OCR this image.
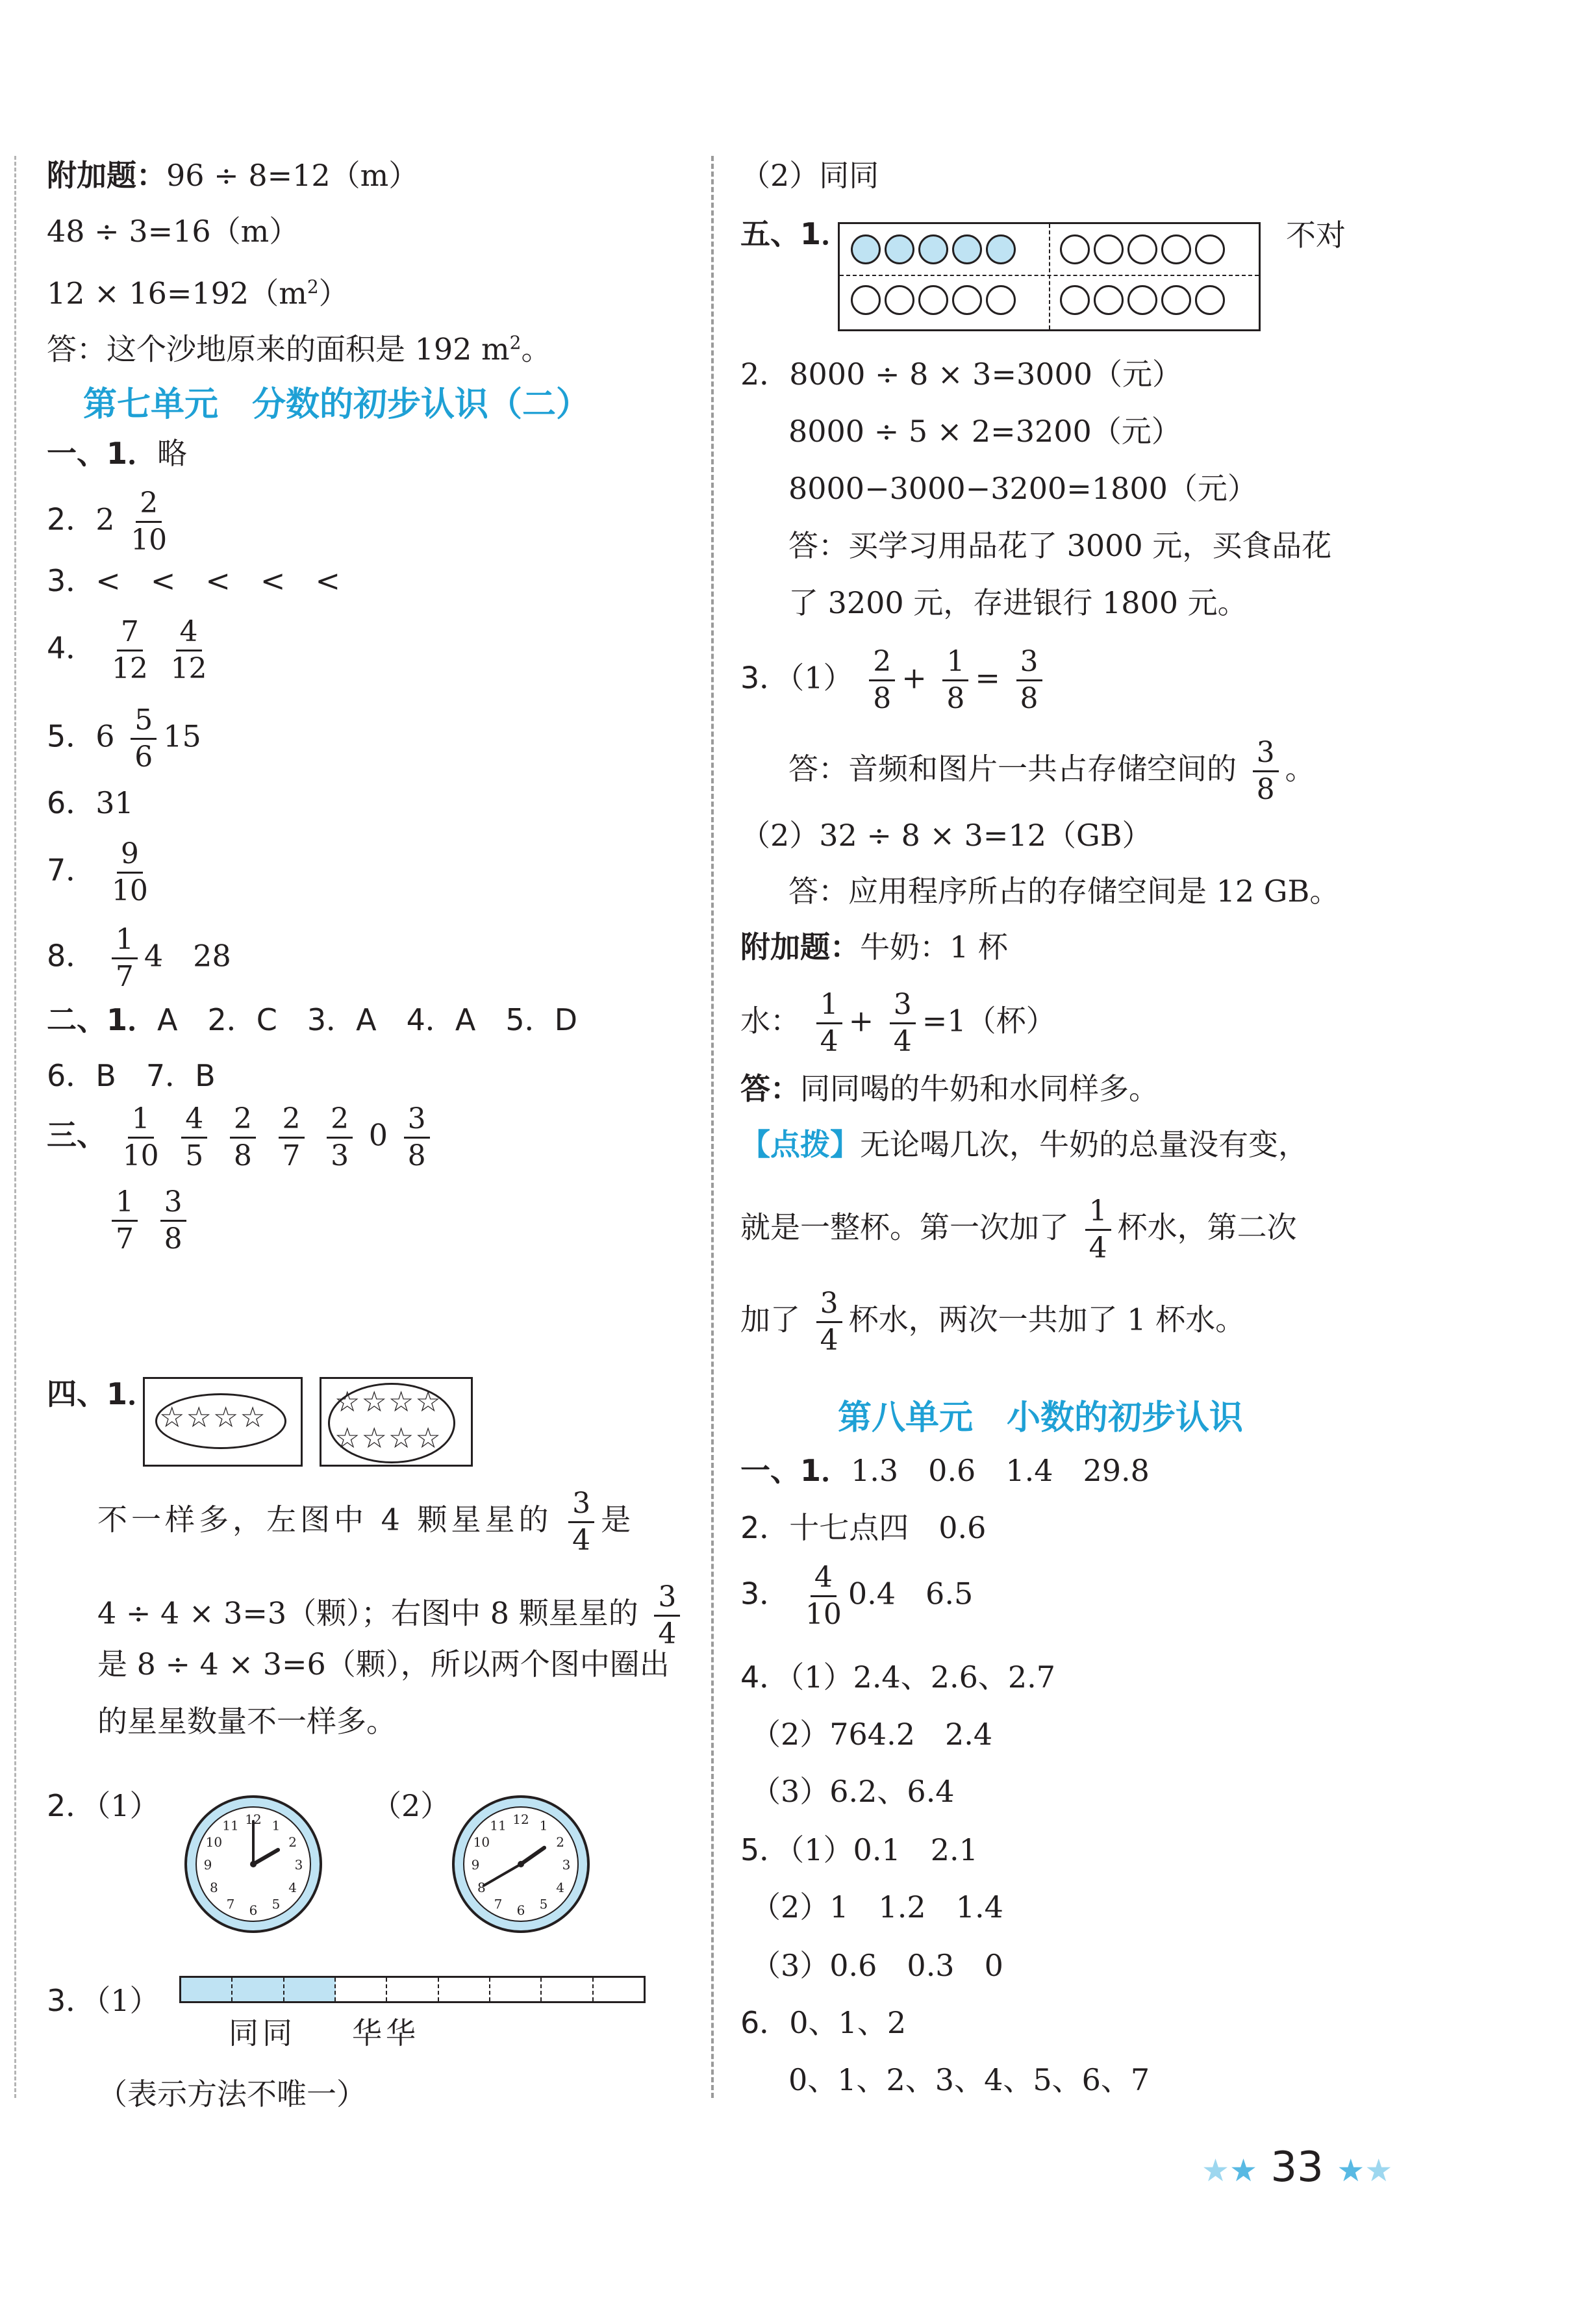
附加题：96 ÷ 8=12（m）
48 ÷ 3=16（m）
$12 \times 16=192(m^2)$
答：这个沙地原来的面积是 192 $m^2$。
第七单元　分数的初步认识（二）
一、1．略
2．$2 \frac{2}{10}$
3．<　<　<　<　<
4． $\frac{7}{12}$
$\frac{4}{12}$
5．$6 \frac{5}{6} 15$
6．31
7． $\frac{9}{10}$
8． $\frac{1}{7} 4$　28
二、1．A　2．C　3．A　4．A　5．D
6．B　7．B
三、 $\frac{1}{10}$
$\frac{4}{5}$
$\frac{2}{8}$
$\frac{2}{7}$
$\frac{2}{3} 0 \frac{3}{8}$
$\frac{1}{7}$
$\frac{3}{8}$
四、1．
☆☆☆☆ ☆☆☆☆
☆☆☆☆
不一样多，左图中 4 颗星星的 $\frac{3}{4}$ 是
4 ÷ 4 × 3=3（颗）；右图中 8 颗星星的 $\frac{3}{4}$
是 8 ÷ 4 × 3=6（颗），所以两个图中圈出
的星星数量不一样多。
2．（1）	（2）
12 1
2
3
4
5
6
7
8
9
10
11	12 1
2
3
4
5
6
7
8
9
10
11
3．（1）
同同 华华
（表示方法不唯一）
（2）同同
五、1．	不对
2．8000 ÷ 8 × 3=3000（元）
8000 ÷ 5 × 2=3200（元）
8000−3000−3200=1800（元）
答：买学习用品花了 3000 元，买食品花
了 3200 元，存进银行 1800 元。
3．$(1) \frac{2}{8} + \frac{1}{8} = \frac{3}{8}$
答：音频和图片一共占存储空间的 $\frac{3}{8}$ 。
（2）32 ÷ 8 × 3=12（GB）
答：应用程序所占的存储空间是 12 GB。
附加题：牛奶：1 杯
水： $\frac{1}{4} + \frac{3}{4} =1$（杯）
答：同同喝的牛奶和水同样多。
【点拨】无论喝几次，牛奶的总量没有变，
就是一整杯。第一次加了 $\frac{1}{4}$ 杯水，第二次
加了 $\frac{3}{4}$ 杯水，两次一共加了 1 杯水。
第八单元　小数的初步认识
一、1．1.3　0.6　1.4　29.8
2．十七点四　0.6
3． $\frac{4}{10} 0.4$　6.5
4．（1）2.4、2.6、2.7
（2）764.2　2.4
（3）6.2、6.4
5．（1）0.1　2.1
（2）1　1.2　1.4
（3）0.6　0.3　0
6．0、1、2
0、1、2、3、4、5、6、7
★★ 33 ★★
